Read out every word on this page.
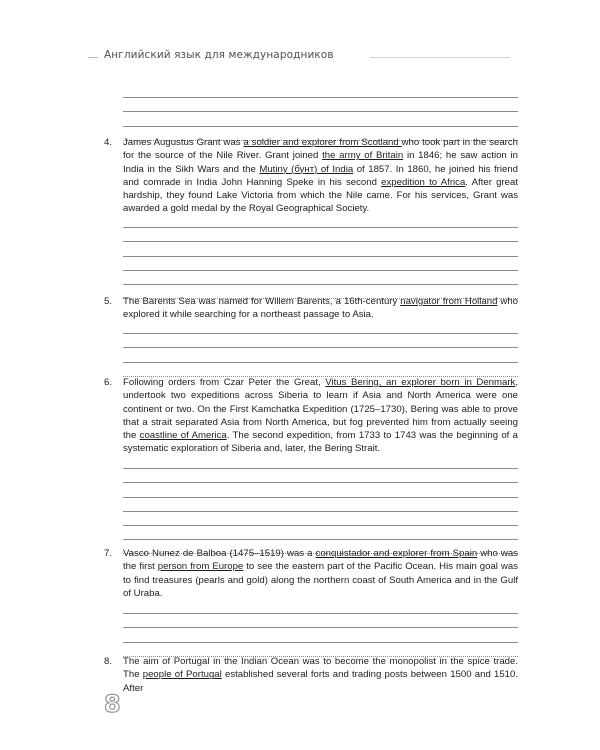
Английский язык для международников
4. James Augustus Grant was a soldier and explorer from Scotland who took part in the search for the source of the Nile River. Grant joined the army of Britain in 1846; he saw action in India in the Sikh Wars and the Mutiny (бунт) of India of 1857. In 1860, he joined his friend and comrade in India John Hanning Speke in his second expedition to Africa. After great hardship, they found Lake Victoria from which the Nile came. For his services, Grant was awarded a gold medal by the Royal Geographical Society.
5. The Barents Sea was named for Willem Barents, a 16th-century navigator from Holland who explored it while searching for a northeast passage to Asia.
6. Following orders from Czar Peter the Great, Vitus Bering, an explorer born in Denmark, undertook two expeditions across Siberia to learn if Asia and North America were one continent or two. On the First Kamchatka Expedition (1725–1730), Bering was able to prove that a strait separated Asia from North America, but fog prevented him from actually seeing the coastline of America. The second expedition, from 1733 to 1743 was the beginning of a systematic exploration of Siberia and, later, the Bering Strait.
7. Vasco Nunez de Balboa (1475–1519) was a conquistador and explorer from Spain who was the first person from Europe to see the eastern part of the Pacific Ocean. His main goal was to find treasures (pearls and gold) along the northern coast of South America and in the Gulf of Uraba.
8. The aim of Portugal in the Indian Ocean was to become the monopolist in the spice trade. The people of Portugal established several forts and trading posts between 1500 and 1510. After
8
